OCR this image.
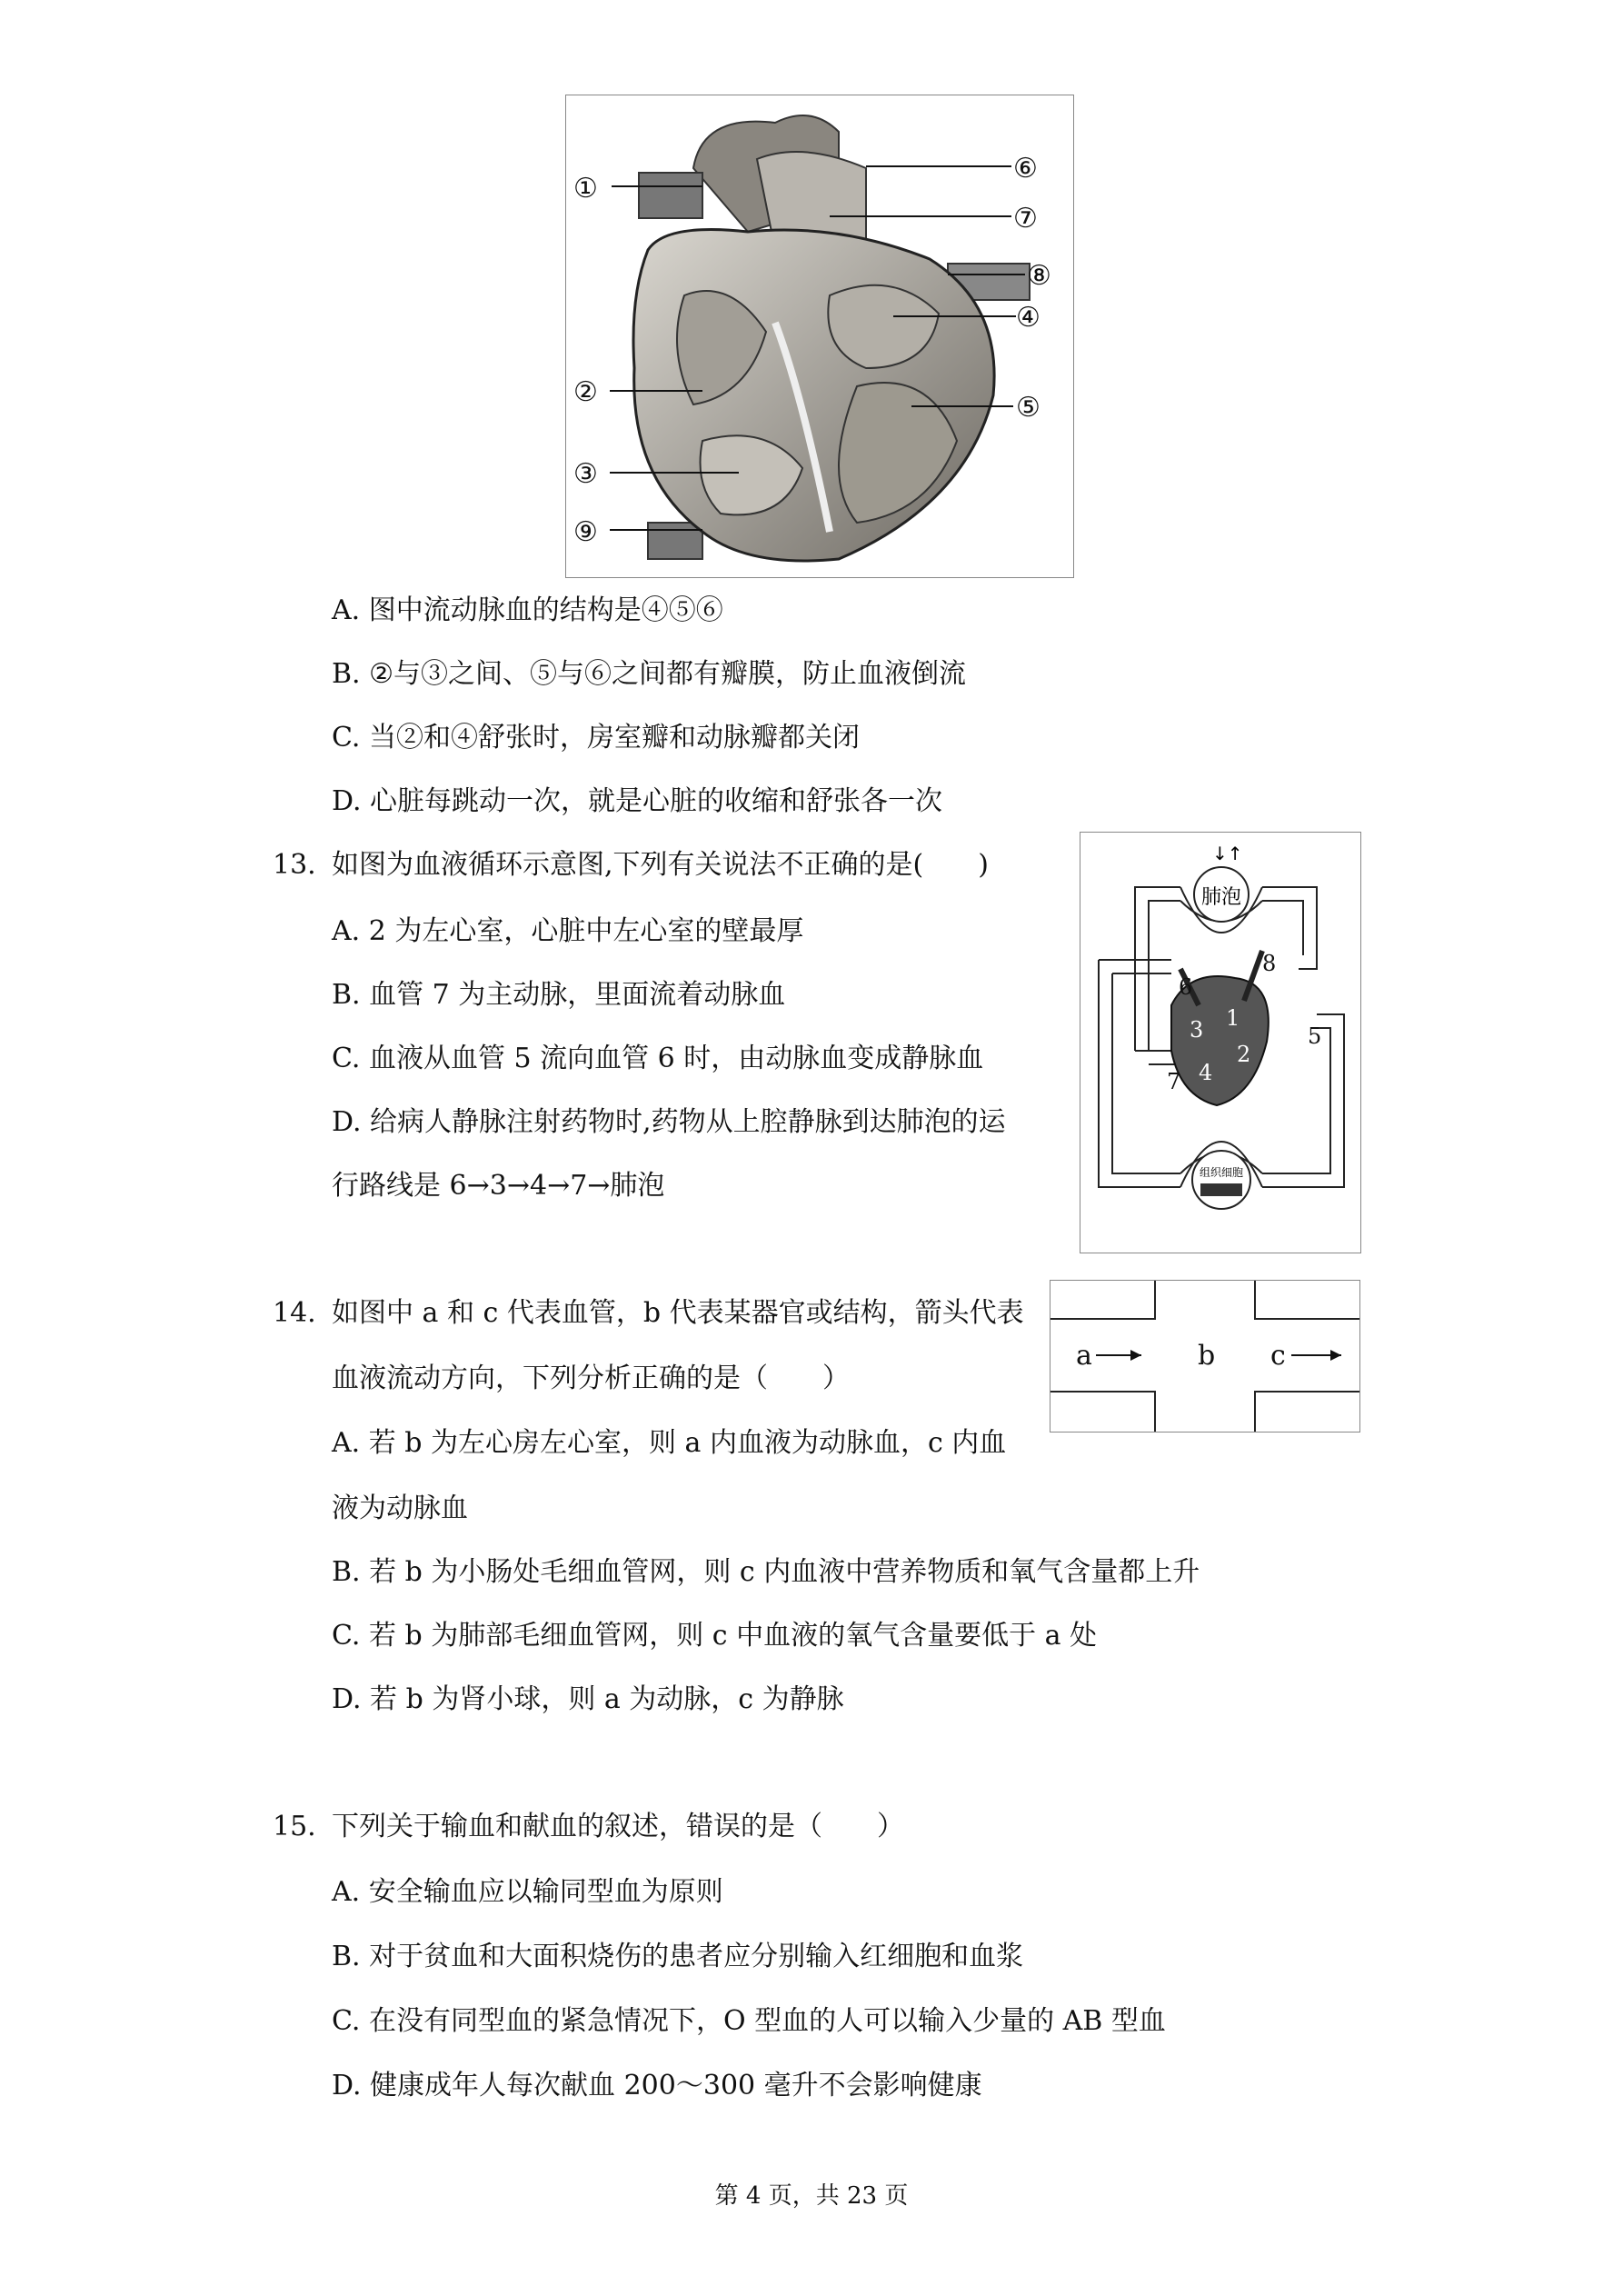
①
②
③
④
⑤
⑥
⑦
⑧
⑨
A. 图中流动脉血的结构是④⑤⑥
B. ②与③之间、⑤与⑥之间都有瓣膜，防止血液倒流
C. 当②和④舒张时，房室瓣和动脉瓣都关闭
D. 心脏每跳动一次，就是心脏的收缩和舒张各一次
13. 如图为血液循环示意图,下列有关说法不正确的是(　　)
A. 2 为左心室，心脏中左心室的壁最厚
B. 血管 7 为主动脉，里面流着动脉血
C. 血液从血管 5 流向血管 6 时，由动脉血变成静脉血
D. 给病人静脉注射药物时,药物从上腔静脉到达肺泡的运
行路线是 6→3→4→7→肺泡
肺泡
↓↑
组织细胞
1
2
3
4
5
6
7
8
14. 如图中 a 和 c 代表血管，b 代表某器官或结构，箭头代表
血液流动方向，下列分析正确的是（　　）
A. 若 b 为左心房左心室，则 a 内血液为动脉血，c 内血
液为动脉血
B. 若 b 为小肠处毛细血管网，则 c 内血液中营养物质和氧气含量都上升
C. 若 b 为肺部毛细血管网，则 c 中血液的氧气含量要低于 a 处
D. 若 b 为肾小球，则 a 为动脉，c 为静脉
a	b c
15. 下列关于输血和献血的叙述，错误的是（　　）
A. 安全输血应以输同型血为原则
B. 对于贫血和大面积烧伤的患者应分别输入红细胞和血浆
C. 在没有同型血的紧急情况下，O 型血的人可以输入少量的 AB 型血
D. 健康成年人每次献血 200～300 毫升不会影响健康
第 4 页，共 23 页
